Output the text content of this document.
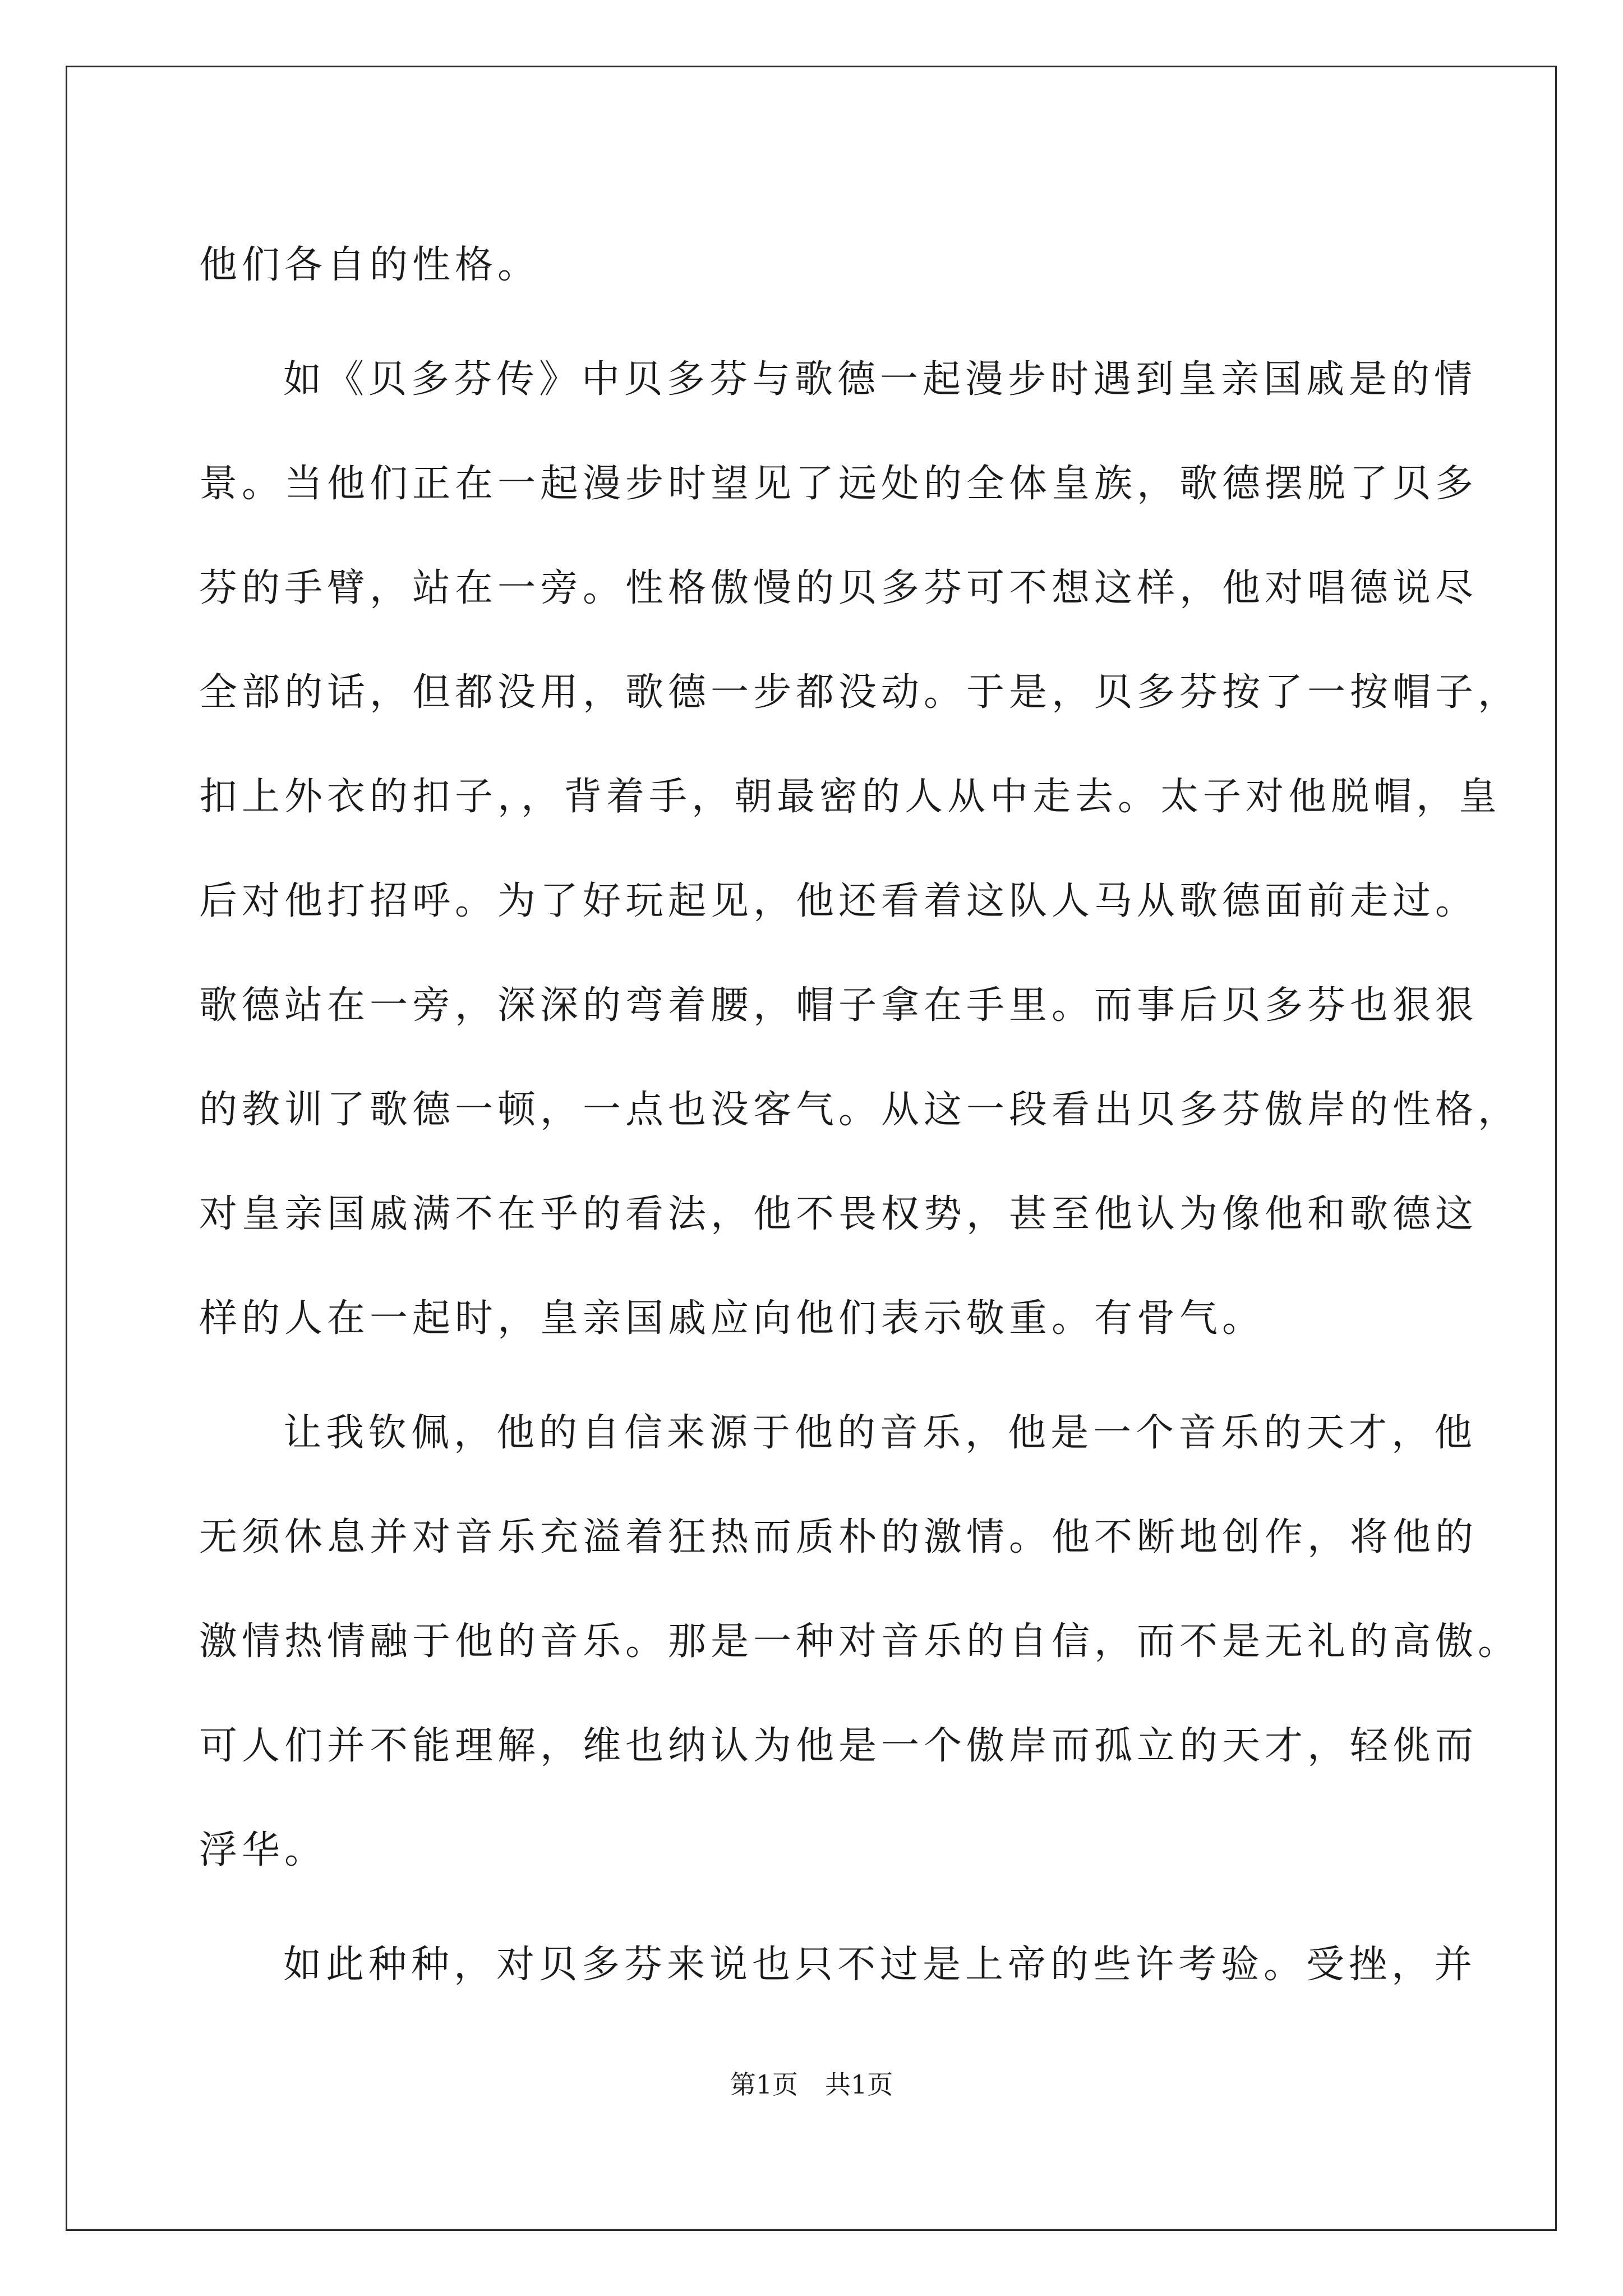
他们各自的性格。
如《贝多芬传》中贝多芬与歌德一起漫步时遇到皇亲国戚是的情
景。当他们正在一起漫步时望见了远处的全体皇族，歌德摆脱了贝多
芬的手臂，站在一旁。性格傲慢的贝多芬可不想这样，他对唱德说尽
全部的话，但都没用，歌德一步都没动。于是，贝多芬按了一按帽子，
扣上外衣的扣子，，背着手，朝最密的人从中走去。太子对他脱帽，皇
后对他打招呼。为了好玩起见，他还看着这队人马从歌德面前走过。
歌德站在一旁，深深的弯着腰，帽子拿在手里。而事后贝多芬也狠狠
的教训了歌德一顿，一点也没客气。从这一段看出贝多芬傲岸的性格，
对皇亲国戚满不在乎的看法，他不畏权势，甚至他认为像他和歌德这
样的人在一起时，皇亲国戚应向他们表示敬重。有骨气。
让我钦佩，他的自信来源于他的音乐，他是一个音乐的天才，他
无须休息并对音乐充溢着狂热而质朴的激情。他不断地创作，将他的
激情热情融于他的音乐。那是一种对音乐的自信，而不是无礼的高傲。
可人们并不能理解，维也纳认为他是一个傲岸而孤立的天才，轻佻而
浮华。
如此种种，对贝多芬来说也只不过是上帝的些许考验。受挫，并
第1页 共1页
